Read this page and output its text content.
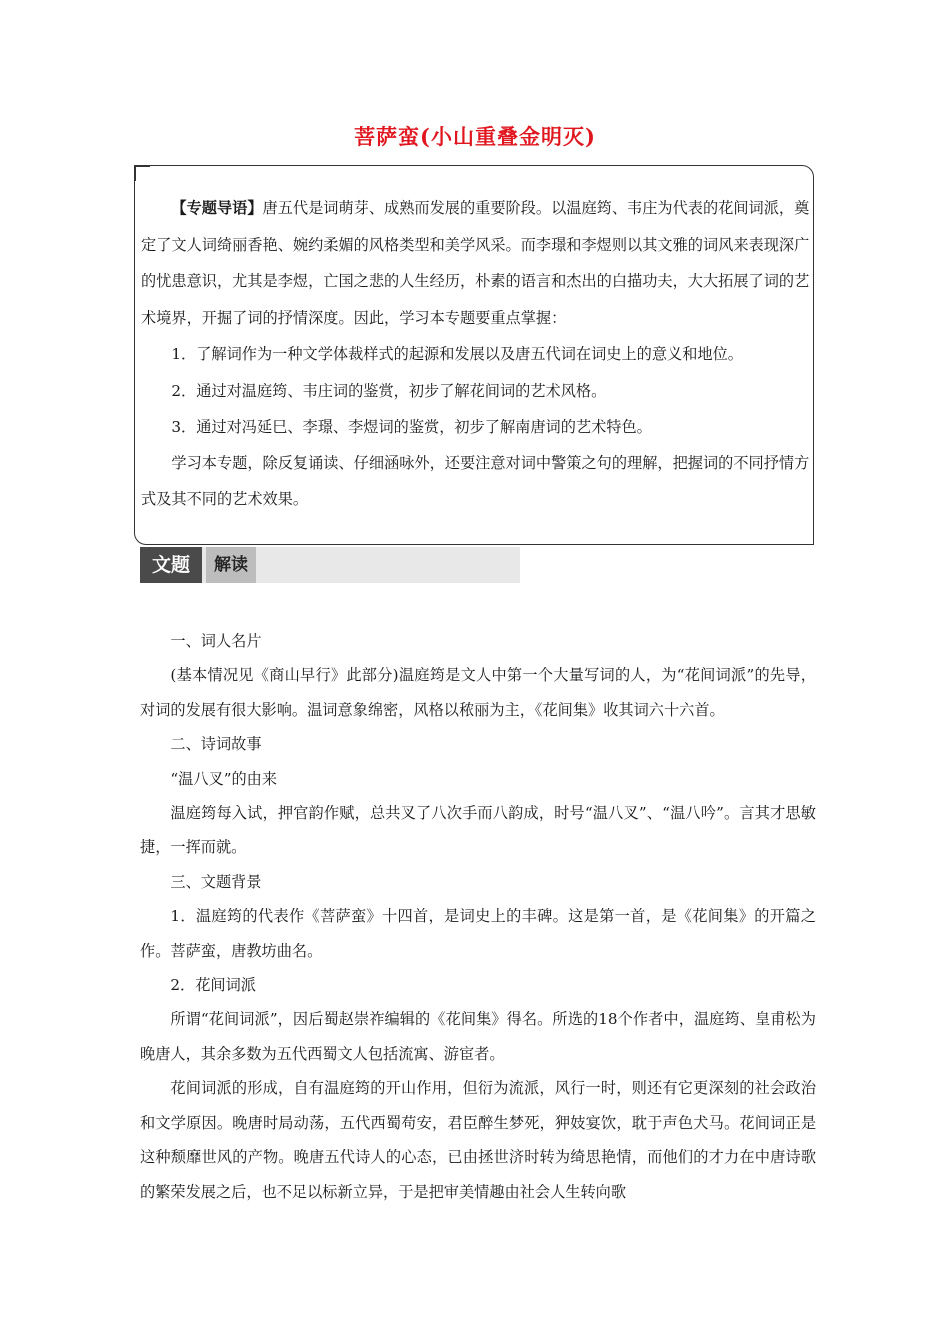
菩萨蛮(小山重叠金明灭)

【专题导语】唐五代是词萌芽、成熟而发展的重要阶段。以温庭筠、韦庄为代表的花间词派，奠定了文人词绮丽香艳、婉约柔媚的风格类型和美学风采。而李璟和李煜则以其文雅的词风来表现深广的忧患意识，尤其是李煜，亡国之悲的人生经历，朴素的语言和杰出的白描功夫，大大拓展了词的艺术境界，开掘了词的抒情深度。因此，学习本专题要重点掌握：

1．了解词作为一种文学体裁样式的起源和发展以及唐五代词在词史上的意义和地位。

2．通过对温庭筠、韦庄词的鉴赏，初步了解花间词的艺术风格。

3．通过对冯延巳、李璟、李煜词的鉴赏，初步了解南唐词的艺术特色。

学习本专题，除反复诵读、仔细涵咏外，还要注意对词中警策之句的理解，把握词的不同抒情方式及其不同的艺术效果。

文题	解读

一、词人名片

(基本情况见《商山早行》此部分)温庭筠是文人中第一个大量写词的人，为“花间词派”的先导，对词的发展有很大影响。温词意象绵密，风格以秾丽为主，《花间集》收其词六十六首。

二、诗词故事

“温八叉”的由来

温庭筠每入试，押官韵作赋，总共叉了八次手而八韵成，时号“温八叉”、“温八吟”。言其才思敏捷，一挥而就。

三、文题背景

1．温庭筠的代表作《菩萨蛮》十四首，是词史上的丰碑。这是第一首，是《花间集》的开篇之作。菩萨蛮，唐教坊曲名。

2．花间词派

所谓“花间词派”，因后蜀赵崇祚编辑的《花间集》得名。所选的18个作者中，温庭筠、皇甫松为晚唐人，其余多数为五代西蜀文人包括流寓、游宦者。

花间词派的形成，自有温庭筠的开山作用，但衍为流派，风行一时，则还有它更深刻的社会政治和文学原因。晚唐时局动荡，五代西蜀苟安，君臣醉生梦死，狎妓宴饮，耽于声色犬马。花间词正是这种颓靡世风的产物。晚唐五代诗人的心态，已由拯世济时转为绮思艳情，而他们的才力在中唐诗歌的繁荣发展之后，也不足以标新立异，于是把审美情趣由社会人生转向歌
